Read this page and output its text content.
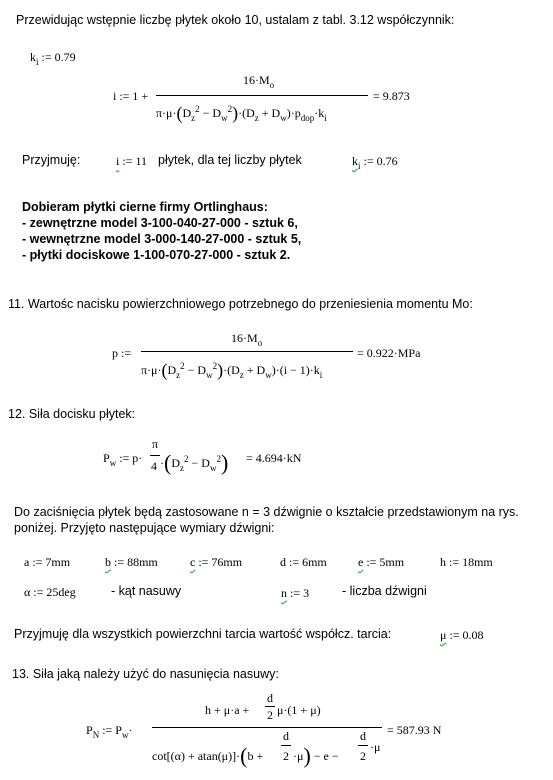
Przewidując wstępnie liczbę płytek około 10, ustalam z tabl. 3.12 współczynnik:
$k_i$ := 0.79
i := 1 +
$16\cdot M_o$
$\pi\cdot\mu\cdot(D_z^2 - D_w^2)\cdot(D_z + D_w)\cdot p_{dop}\cdot k_i$
= 9.873
Przyjmuję:	i := 11 płytek, dla tej liczby płytek	$k_i$ := 0.76
Dobieram płytki cierne firmy Ortlinghaus:
- zewnętrzne model 3-100-040-27-000 - sztuk 6,
- wewnętrzne model 3-000-140-27-000 - sztuk 5,
- płytki dociskowe 1-100-070-27-000 - sztuk 2.
11. Wartośc nacisku powierzchniowego potrzebnego do przeniesienia momentu Mo:
p :=
$16\cdot M_o$
$\pi\cdot\mu\cdot(D_z^2 - D_w^2)\cdot(D_z + D_w)\cdot(i - 1)\cdot k_i$
= 0.922·MPa
12. Siła docisku płytek:
$P_w$ := p·
π
$4 \cdot(D_z^2 - D_w^2) = 4.694\cdot kN$
Do zaciśnięcia płytek będą zastosowane n = 3 dźwignie o kształcie przedstawionym na rys.
poniżej. Przyjęto następujące wymiary dźwigni:
a := 7mm	b := 88mm	c := 76mm	d := 6mm	e := 5mm	h := 18mm
α := 25deg	- kąt nasuwy	n := 3	- liczba dźwigni
Przyjmuję dla wszystkich powierzchni tarcia wartość współcz. tarcia:	μ := 0.08
13. Siła jaką należy użyć do nasunięcia nasuwy:
$P_N$ := $P_w\cdot$
h + μ·a +
d
2 μ·(1 + μ)
cot[(α) + atan(μ)]·(b +
d
2 ·μ) − e −
d
2
·μ
= 587.93 N
